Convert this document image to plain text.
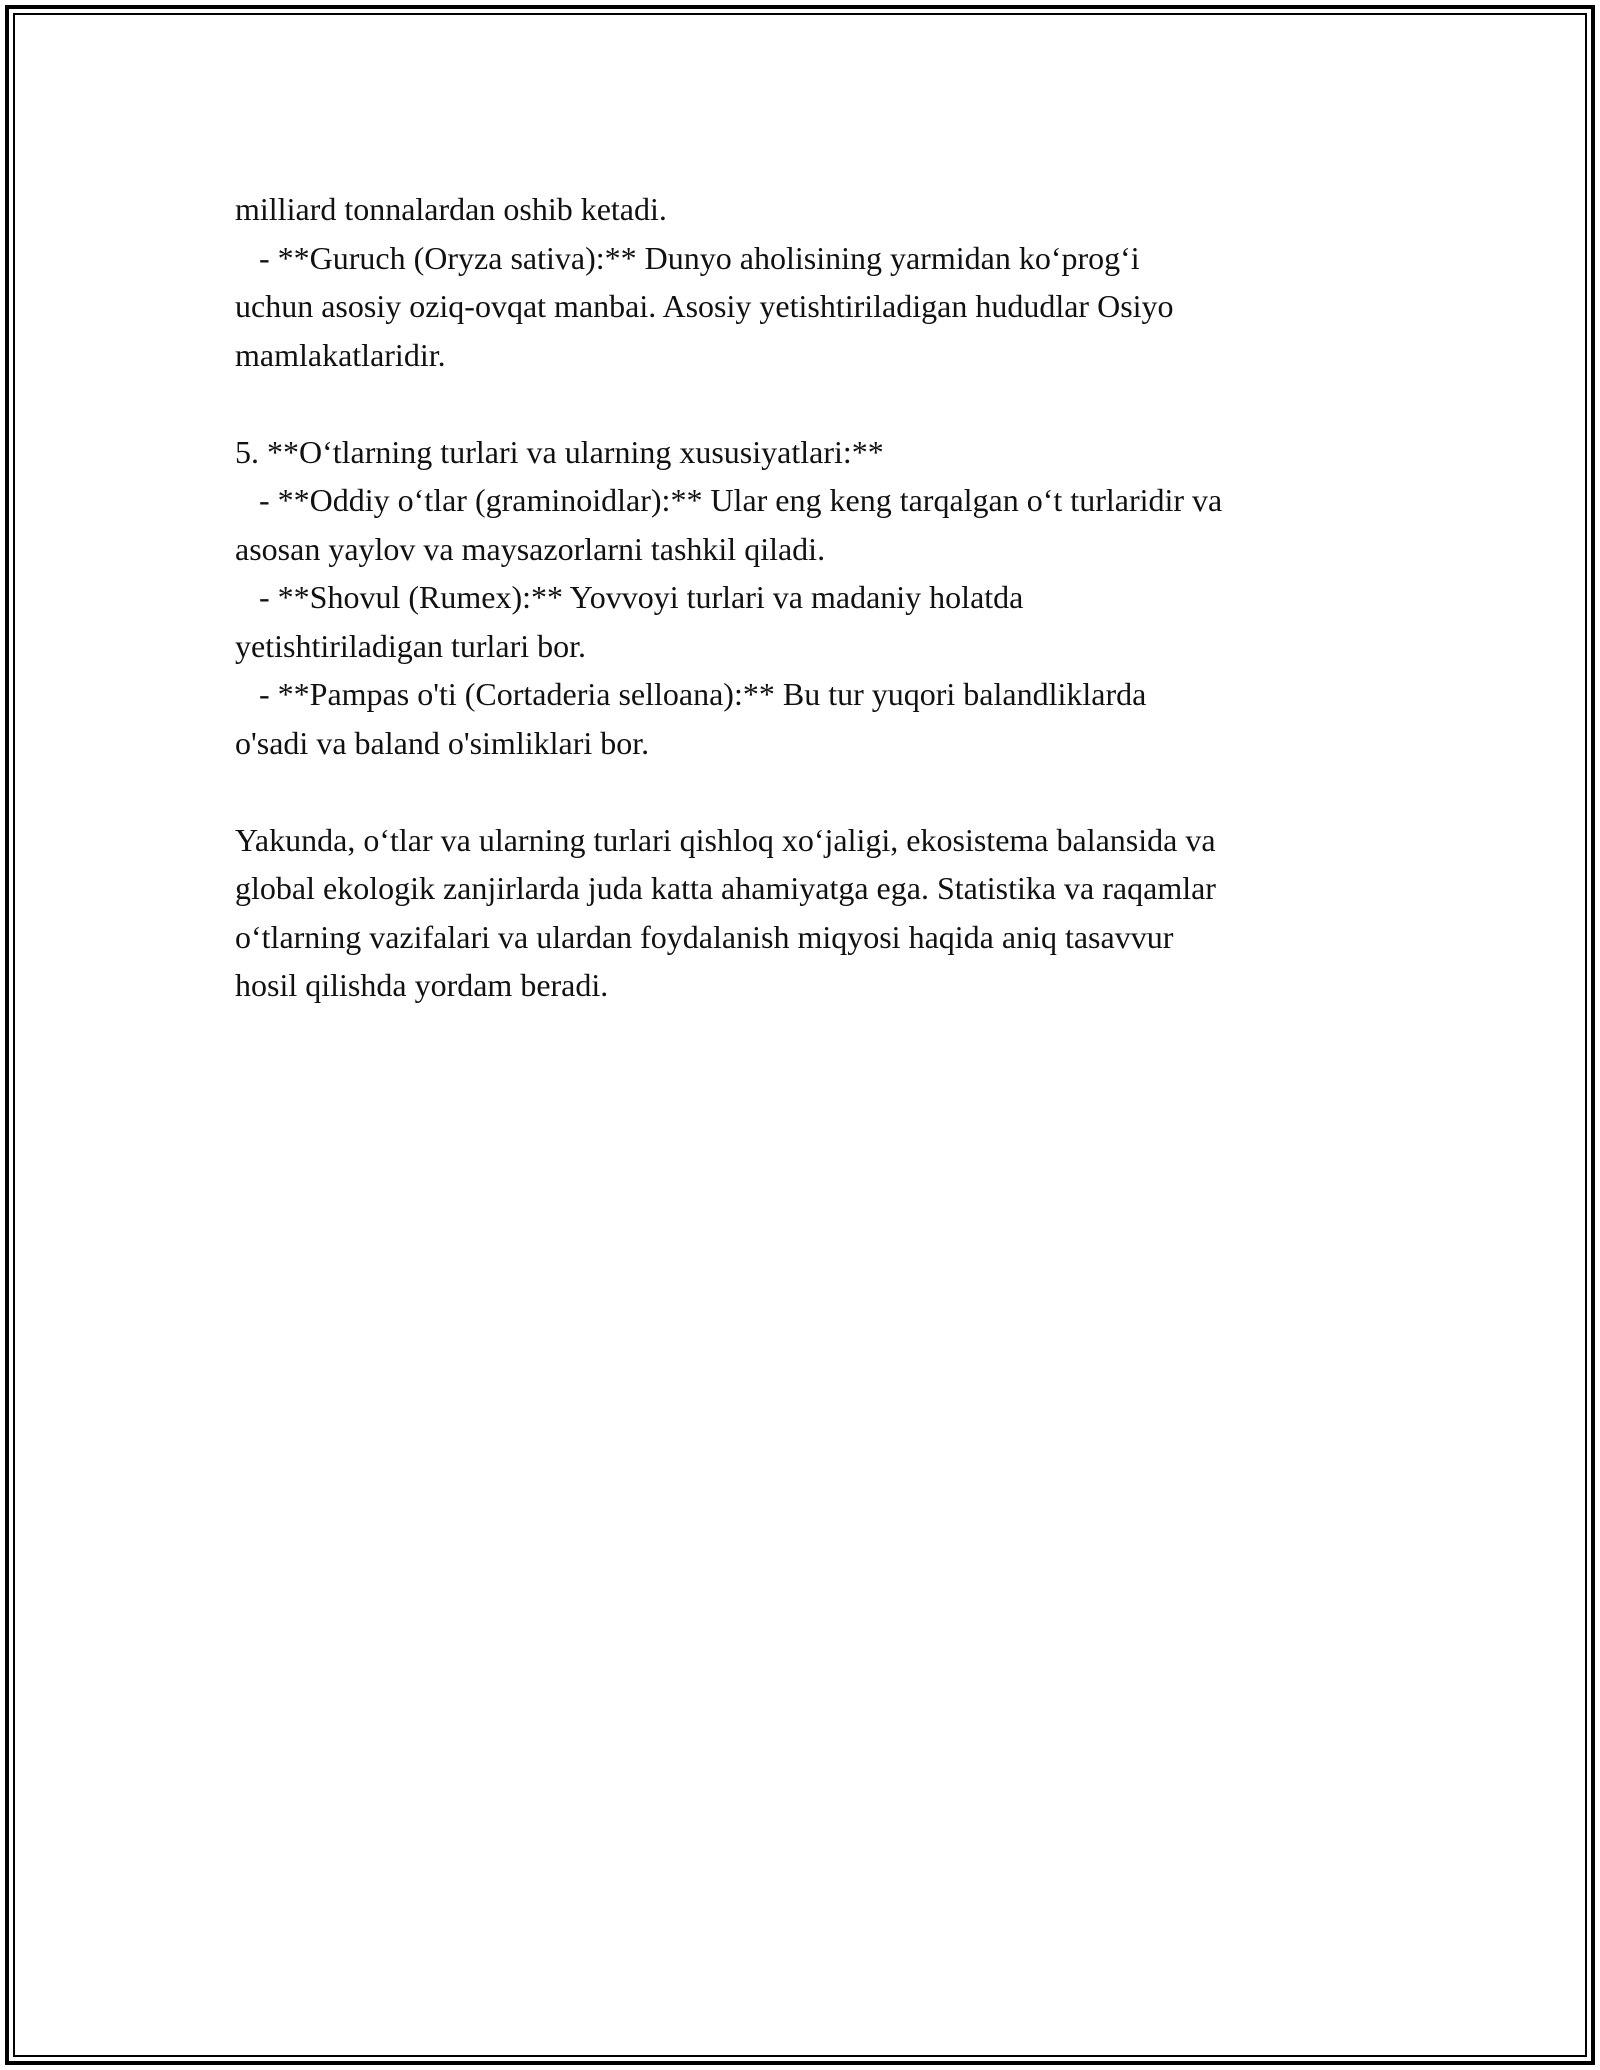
milliard tonnalardan oshib ketadi.
- **Guruch (Oryza sativa):** Dunyo aholisining yarmidan ko‘prog‘i
uchun asosiy oziq-ovqat manbai. Asosiy yetishtiriladigan hududlar Osiyo
mamlakatlaridir.
5. **O‘tlarning turlari va ularning xususiyatlari:**
- **Oddiy o‘tlar (graminoidlar):** Ular eng keng tarqalgan o‘t turlaridir va
asosan yaylov va maysazorlarni tashkil qiladi.
- **Shovul (Rumex):** Yovvoyi turlari va madaniy holatda
yetishtiriladigan turlari bor.
- **Pampas o'ti (Cortaderia selloana):** Bu tur yuqori balandliklarda
o'sadi va baland o'simliklari bor.
Yakunda, o‘tlar va ularning turlari qishloq xo‘jaligi, ekosistema balansida va
global ekologik zanjirlarda juda katta ahamiyatga ega. Statistika va raqamlar
o‘tlarning vazifalari va ulardan foydalanish miqyosi haqida aniq tasavvur
hosil qilishda yordam beradi.
